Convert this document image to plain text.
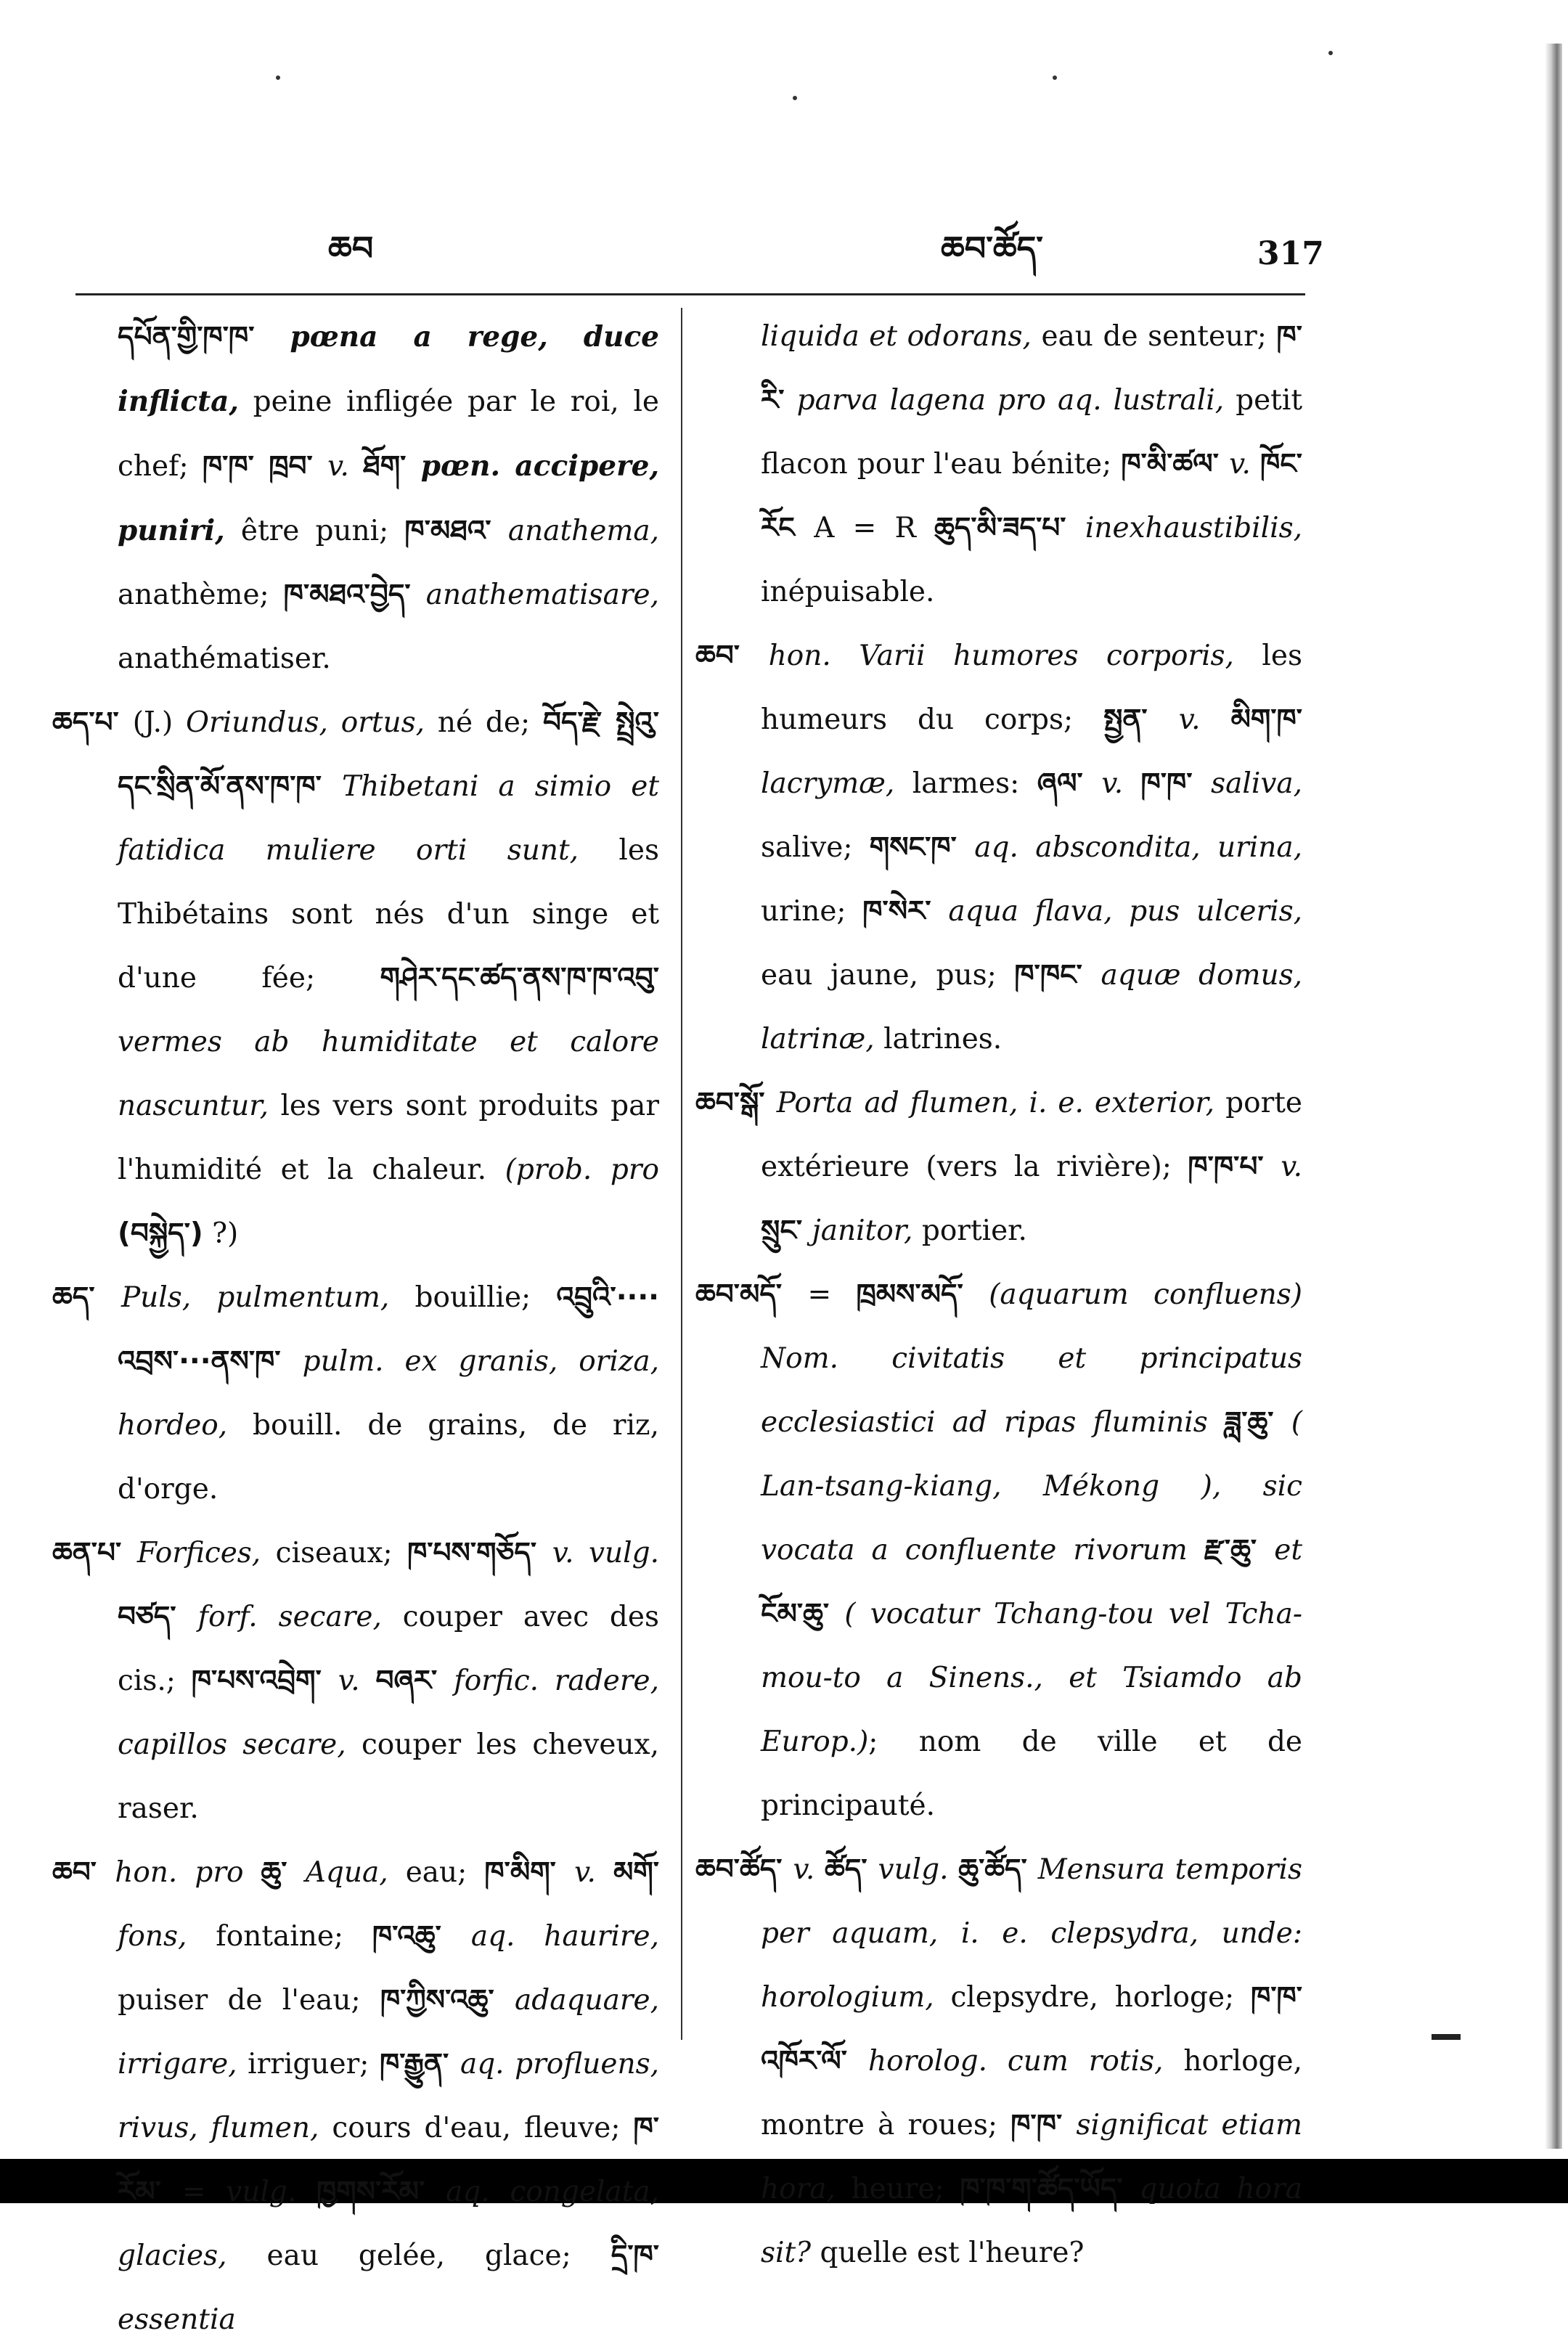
ཆབ	ཆབ་ཚོད་	317

དཔོན་གྱི་ཁ་ཁ་ pœna a rege, duce inflicta, peine infligée par le roi, le chef; ཁ་ཁ་ ཁྲབ་ v. ཐོག་ pœn. accipere, puniri, être puni; ཁ་མཐའ་ anathema, anathème; ཁ་མཐའ་བྱེད་ anathematisare, anathématiser.

ཆད་པ་ (J.) Oriundus, ortus, né de; བོད་རྗེ་ སྤྲེའུ་དང་སྲིན་མོ་ནས་ཁ་ཁ་ Thibetani a simio et fatidica muliere orti sunt, les Thibétains sont nés d'un singe et d'une fée; གཤེར་དང་ཚད་ནས་ཁ་ཁ་འབུ་ vermes ab humiditate et calore nascuntur, les vers sont produits par l'humidité et la chaleur. (prob. pro (བསྐྱེད་) ?)

ཆད་ Puls, pulmentum, bouillie; འབྲུའི་···· འབྲས་···ནས་ཁ་ pulm. ex granis, oriza, hordeo, bouill. de grains, de riz, d'orge.

ཆན་པ་ Forfices, ciseaux; ཁ་པས་གཅོད་ v. vulg. བཙད་ forf. secare, couper avec des cis.; ཁ་པས་འབྲེག་ v. བཞར་ forfic. radere, capillos secare, couper les cheveux, raser.

ཆབ་ hon. pro ཆུ་ Aqua, eau; ཁ་མིག་ v. མགོ་ fons, fontaine; ཁ་འཆུ་ aq. haurire, puiser de l'eau; ཁ་ཀྱིས་འཆུ་ adaquare, irrigare, irriguer; ཁ་རྒྱུན་ aq. profluens, rivus, flumen, cours d'eau, fleuve; ཁ་ རོམ་ = vulg. ཁྱགས་རོམ་ aq. congelata, glacies, eau gelée, glace; དྲི་ཁ་ essentia

liquida et odorans, eau de senteur; ཁ་ རི་ parva lagena pro aq. lustrali, petit flacon pour l'eau bénite; ཁ་མི་ཚལ་ v. ཁོང་རོང A = R ཆུད་མི་ཟད་པ་ inexhaustibilis, inépuisable.

ཆབ་ hon. Varii humores corporis, les humeurs du corps; སྤྱན་ v. མིག་ཁ་ lacrymæ, larmes: ཞལ་ v. ཁ་ཁ་ saliva, salive; གསང་ཁ་ aq. abscondita, urina, urine; ཁ་སེར་ aqua flava, pus ulceris, eau jaune, pus; ཁ་ཁང་ aquæ domus, latrinæ, latrines.

ཆབ་སྒོ་ Porta ad flumen, i. e. exterior, porte extérieure (vers la rivière); ཁ་ཁ་པ་ v. སྲུང་ janitor, portier.

ཆབ་མདོ་ = ཁྲམས་མདོ་ (aquarum confluens) Nom. civitatis et principatus ecclesiastici ad ripas fluminis ཟླ་ཆུ་ ( Lan-tsang-kiang, Mékong ), sic vocata a confluente rivorum རྫ་ཆུ་ et ངོམ་ཆུ་ ( vocatur Tchang-tou vel Tcha-mou-to a Sinens., et Tsiamdo ab Europ.); nom de ville et de principauté.

ཆབ་ཚོད་ v. ཚོད་ vulg. ཆུ་ཚོད་ Mensura temporis per aquam, i. e. clepsydra, unde: horologium, clepsydre, horloge; ཁ་ཁ་ འཁོར་ལོ་ horolog. cum rotis, horloge, montre à roues; ཁ་ཁ་ significat etiam hora, heure; ཁ་ཁ་ག་ཚོད་ཡོད་ quota hora sit? quelle est l'heure?
